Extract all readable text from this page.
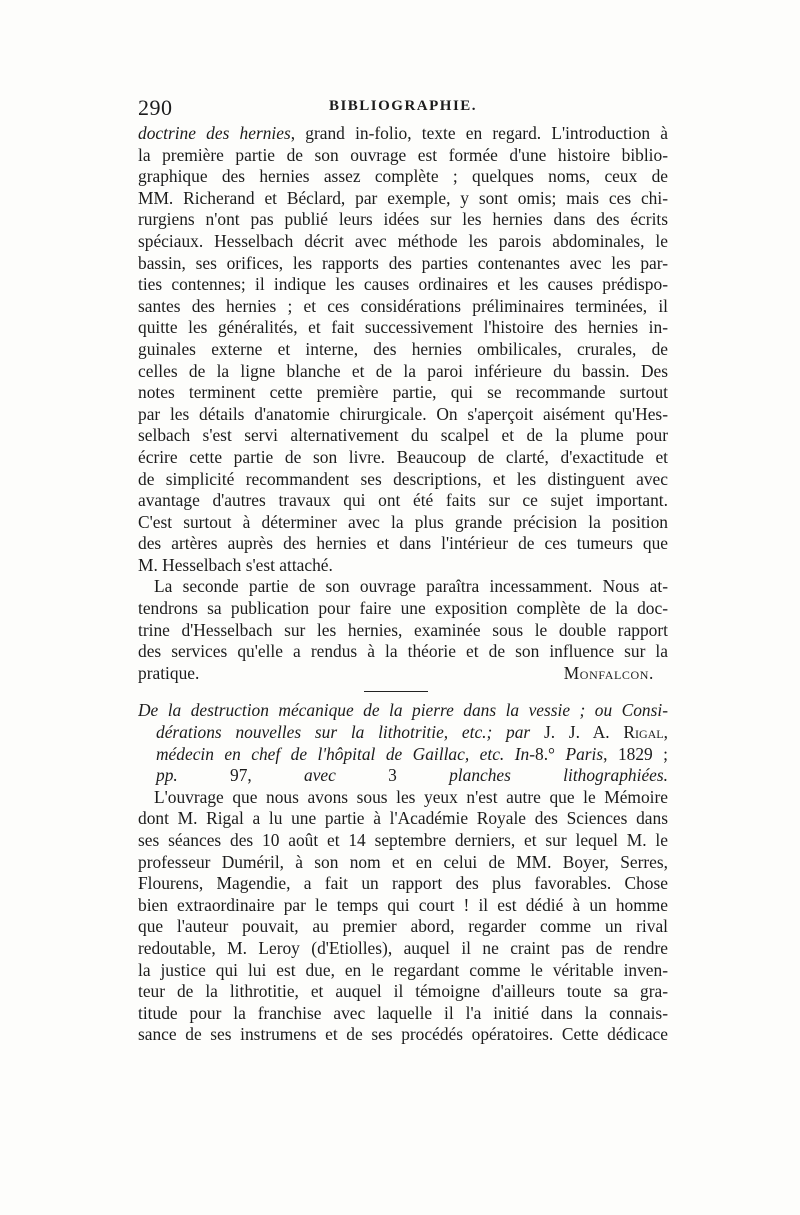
290	BIBLIOGRAPHIE.
doctrine des hernies, grand in-folio, texte en regard. L'introduction à
la première partie de son ouvrage est formée d'une histoire biblio-
graphique des hernies assez complète ; quelques noms, ceux de
MM. Richerand et Béclard, par exemple, y sont omis; mais ces chi-
rurgiens n'ont pas publié leurs idées sur les hernies dans des écrits
spéciaux. Hesselbach décrit avec méthode les parois abdominales, le
bassin, ses orifices, les rapports des parties contenantes avec les par-
ties contennes; il indique les causes ordinaires et les causes prédispo-
santes des hernies ; et ces considérations préliminaires terminées, il
quitte les généralités, et fait successivement l'histoire des hernies in-
guinales externe et interne, des hernies ombilicales, crurales, de
celles de la ligne blanche et de la paroi inférieure du bassin. Des
notes terminent cette première partie, qui se recommande surtout
par les détails d'anatomie chirurgicale. On s'aperçoit aisément qu'Hes-
selbach s'est servi alternativement du scalpel et de la plume pour
écrire cette partie de son livre. Beaucoup de clarté, d'exactitude et
de simplicité recommandent ses descriptions, et les distinguent avec
avantage d'autres travaux qui ont été faits sur ce sujet important.
C'est surtout à déterminer avec la plus grande précision la position
des artères auprès des hernies et dans l'intérieur de ces tumeurs que
M. Hesselbach s'est attaché.
La seconde partie de son ouvrage paraîtra incessamment. Nous at-
tendrons sa publication pour faire une exposition complète de la doc-
trine d'Hesselbach sur les hernies, examinée sous le double rapport
des services qu'elle a rendus à la théorie et de son influence sur la
pratique.	Monfalcon.
De la destruction mécanique de la pierre dans la vessie ; ou Consi-
dérations nouvelles sur la lithotritie, etc.; par J. J. A. Rigal,
médecin en chef de l'hôpital de Gaillac, etc. In-8.° Paris, 1829 ;
pp. 97, avec 3 planches lithographiées.
L'ouvrage que nous avons sous les yeux n'est autre que le Mémoire
dont M. Rigal a lu une partie à l'Académie Royale des Sciences dans
ses séances des 10 août et 14 septembre derniers, et sur lequel M. le
professeur Duméril, à son nom et en celui de MM. Boyer, Serres,
Flourens, Magendie, a fait un rapport des plus favorables. Chose
bien extraordinaire par le temps qui court ! il est dédié à un homme
que l'auteur pouvait, au premier abord, regarder comme un rival
redoutable, M. Leroy (d'Etiolles), auquel il ne craint pas de rendre
la justice qui lui est due, en le regardant comme le véritable inven-
teur de la lithrotitie, et auquel il témoigne d'ailleurs toute sa gra-
titude pour la franchise avec laquelle il l'a initié dans la connais-
sance de ses instrumens et de ses procédés opératoires. Cette dédicace
